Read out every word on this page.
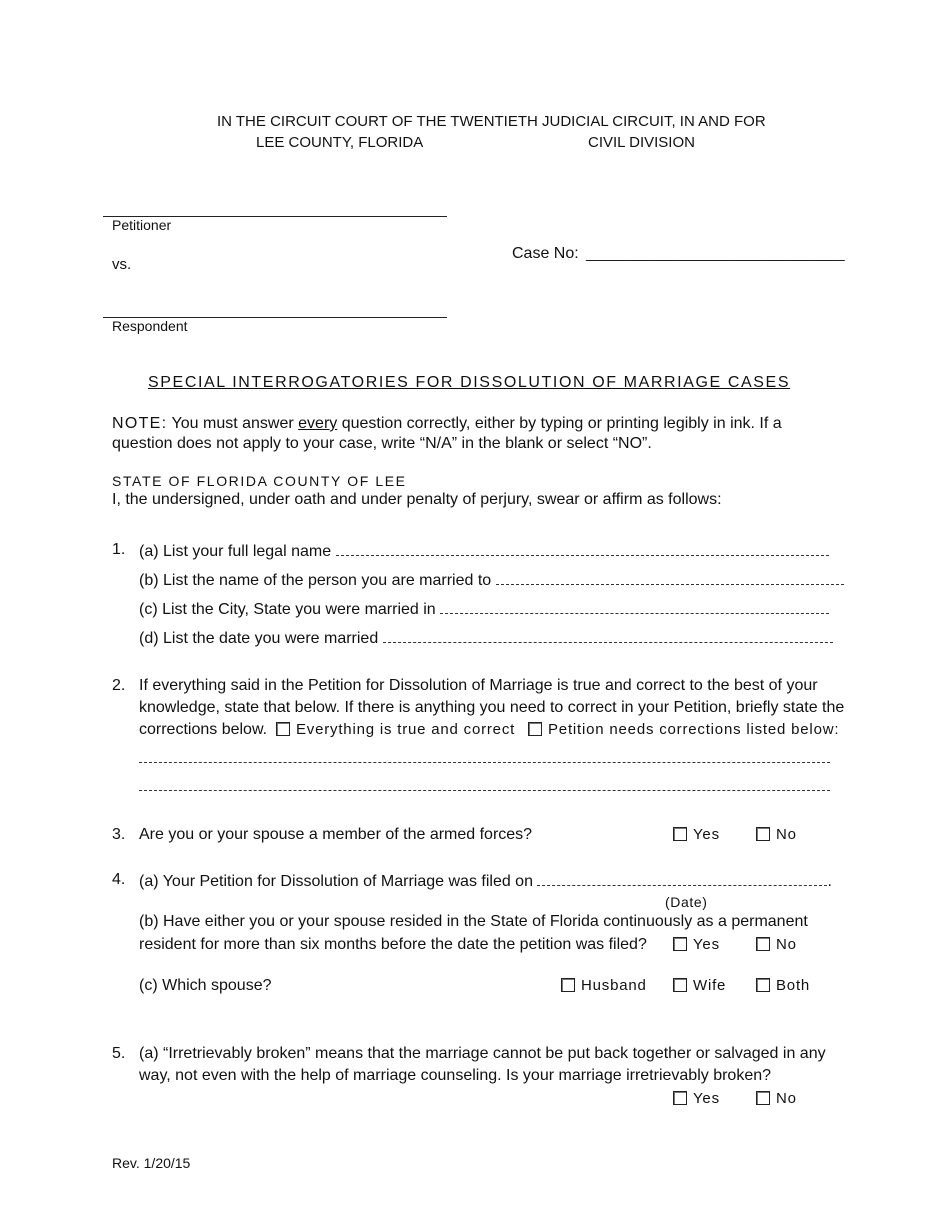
IN THE CIRCUIT COURT OF THE TWENTIETH JUDICIAL CIRCUIT, IN AND FOR
LEE COUNTY, FLORIDA	CIVIL DIVISION
Petitioner
vs.
Case No: _______________________________
Respondent
SPECIAL INTERROGATORIES FOR DISSOLUTION OF MARRIAGE CASES
NOTE: You must answer every question correctly, either by typing or printing legibly in ink. If a
question does not apply to your case, write “N/A” in the blank or select “NO”.
STATE OF FLORIDA COUNTY OF LEE
I, the undersigned, under oath and under penalty of perjury, swear or affirm as follows:
1. (a) List your full legal name
(b) List the name of the person you are married to
(c) List the City, State you were married in
(d) List the date you were married
2. If everything said in the Petition for Dissolution of Marriage is true and correct to the best of your
knowledge, state that below. If there is anything you need to correct in your Petition, briefly state the
corrections below.	Everything is true and correct	Petition needs corrections listed below:
3. Are you or your spouse a member of the armed forces?	Yes	No
4. (a) Your Petition for Dissolution of Marriage was filed on	.
(Date)
(b) Have either you or your spouse resided in the State of Florida continuously as a permanent
resident for more than six months before the date the petition was filed?	Yes	No
(c) Which spouse?	Husband	Wife	Both
5. (a) “Irretrievably broken” means that the marriage cannot be put back together or salvaged in any
way, not even with the help of marriage counseling. Is your marriage irretrievably broken?
Yes	No
Rev. 1/20/15
